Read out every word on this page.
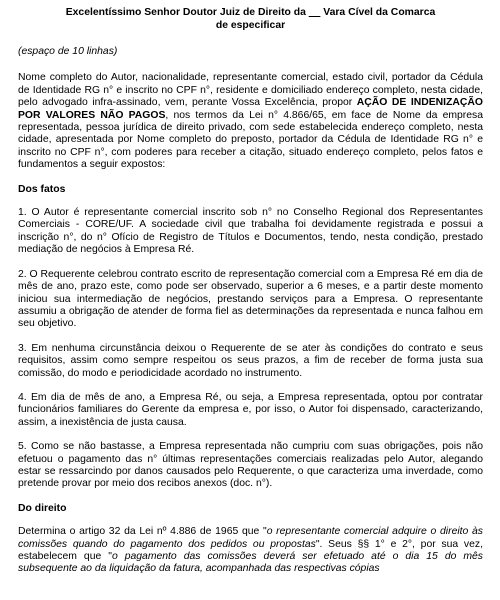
Excelentíssimo Senhor Doutor Juiz de Direito da __ Vara Cível da Comarca
de especificar
(espaço de 10 linhas)

Nome completo do Autor, nacionalidade, representante comercial, estado civil, portador da Cédula de Identidade RG n° e inscrito no CPF n°, residente e domiciliado endereço completo, nesta cidade, pelo advogado infra-assinado, vem, perante Vossa Excelência, propor AÇÃO DE INDENIZAÇÃO POR VALORES NÃO PAGOS, nos termos da Lei n° 4.866/65, em face de Nome da empresa representada, pessoa jurídica de direito privado, com sede estabelecida endereço completo, nesta cidade, apresentada por Nome completo do preposto, portador da Cédula de Identidade RG n° e inscrito no CPF n°, com poderes para receber a citação, situado endereço completo, pelos fatos e fundamentos a seguir expostos:

Dos fatos

1. O Autor é representante comercial inscrito sob n° no Conselho Regional dos Representantes Comerciais - CORE/UF. A sociedade civil que trabalha foi devidamente registrada e possui a inscrição n°, do n° Ofício de Registro de Títulos e Documentos, tendo, nesta condição, prestado mediação de negócios à Empresa Ré.

2. O Requerente celebrou contrato escrito de representação comercial com a Empresa Ré em dia de mês de ano, prazo este, como pode ser observado, superior a 6 meses, e a partir deste momento iniciou sua intermediação de negócios, prestando serviços para a Empresa. O representante assumiu a obrigação de atender de forma fiel as determinações da representada e nunca falhou em seu objetivo.

3. Em nenhuma circunstância deixou o Requerente de se ater às condições do contrato e seus requisitos, assim como sempre respeitou os seus prazos, a fim de receber de forma justa sua comissão, do modo e periodicidade acordado no instrumento.

4. Em dia de mês de ano, a Empresa Ré, ou seja, a Empresa representada, optou por contratar funcionários familiares do Gerente da empresa e, por isso, o Autor foi dispensado, caracterizando, assim, a inexistência de justa causa.

5. Como se não bastasse, a Empresa representada não cumpriu com suas obrigações, pois não efetuou o pagamento das n° últimas representações comerciais realizadas pelo Autor, alegando estar se ressarcindo por danos causados pelo Requerente, o que caracteriza uma inverdade, como pretende provar por meio dos recibos anexos (doc. n°).

Do direito

Determina o artigo 32 da Lei nº 4.886 de 1965 que "o representante comercial adquire o direito às comissões quando do pagamento dos pedidos ou propostas". Seus §§ 1° e 2°, por sua vez, estabelecem que "o pagamento das comissões deverá ser efetuado até o dia 15 do mês subsequente ao da liquidação da fatura, acompanhada das respectivas cópias
